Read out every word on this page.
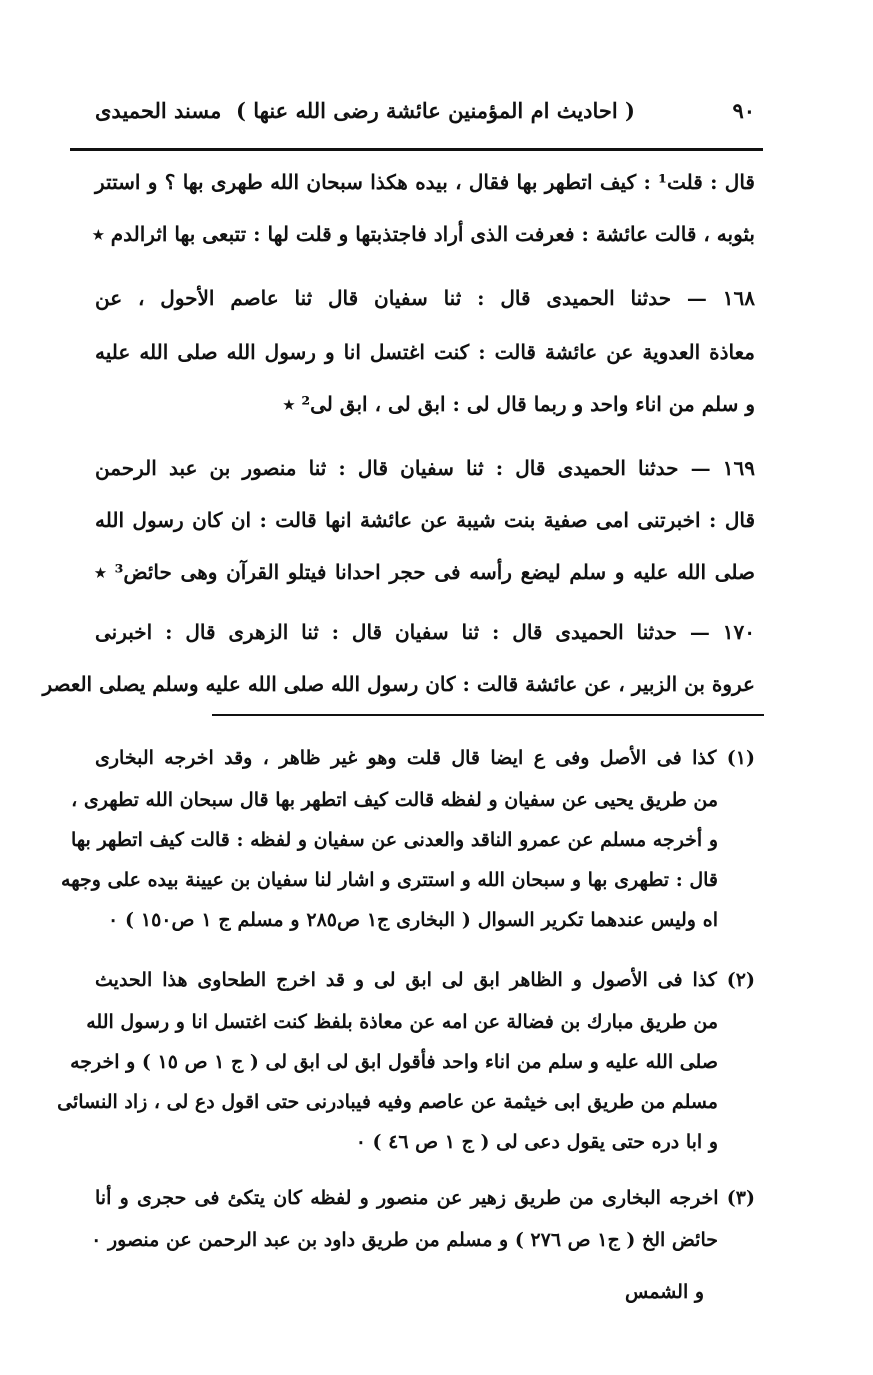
٩٠
( احاديث ام المؤمنين عائشة رضى الله عنها )
مسند الحميدى
قال : قلت¹ : كيف اتطهر بها فقال ، بيده هكذا سبحان الله طهرى بها ؟ و استتر
بثوبه ، قالت عائشة : فعرفت الذى أراد فاجتذبتها و قلت لها : تتبعى بها اثرالدم ٭
١٦٨ — حدثنا الحميدى قال : ثنا سفيان قال ثنا عاصم الأحول ، عن
معاذة العدوية عن عائشة قالت : كنت اغتسل انا و رسول الله صلى الله عليه
و سلم من اناء واحد و ربما قال لى : ابق لى ، ابق لى² ٭
١٦٩ — حدثنا الحميدى قال : ثنا سفيان قال : ثنا منصور بن عبد الرحمن
قال : اخبرتنى امى صفية بنت شيبة عن عائشة انها قالت : ان كان رسول الله
صلى الله عليه و سلم ليضع رأسه فى حجر احدانا فيتلو القرآن وهى حائض³ ٭
١٧٠ — حدثنا الحميدى قال : ثنا سفيان قال : ثنا الزهرى قال : اخبرنى
عروة بن الزبير ، عن عائشة قالت : كان رسول الله صلى الله عليه وسلم يصلى العصر
(١) كذا فى الأصل وفى ع ايضا قال قلت وهو غير ظاهر ، وقد اخرجه البخارى
من طريق يحيى عن سفيان و لفظه قالت كيف اتطهر بها قال سبحان الله تطهرى ،
و أخرجه مسلم عن عمرو الناقد والعدنى عن سفيان و لفظه : قالت كيف اتطهر بها
قال : تطهرى بها و سبحان الله و استترى و اشار لنا سفيان بن عيينة بيده على وجهه
اه وليس عندهما تكرير السوال ( البخارى ج١ ص٢٨٥ و مسلم ج ١ ص١٥٠ ) ٠
(٢) كذا فى الأصول و الظاهر ابق لى ابق لى و قد اخرج الطحاوى هذا الحديث
من طريق مبارك بن فضالة عن امه عن معاذة بلفظ كنت اغتسل انا و رسول الله
صلى الله عليه و سلم من اناء واحد فأقول ابق لى ابق لى ( ج ١ ص ١٥ ) و اخرجه
مسلم من طريق ابى خيثمة عن عاصم وفيه فيبادرنى حتى اقول دع لى ، زاد النسائى
و ابا دره حتى يقول دعى لى ( ج ١ ص ٤٦ ) ٠
(٣) اخرجه البخارى من طريق زهير عن منصور و لفظه كان يتكئ فى حجرى و أنا
حائض الخ ( ج١ ص ٢٧٦ ) و مسلم من طريق داود بن عبد الرحمن عن منصور ٠
و الشمس
